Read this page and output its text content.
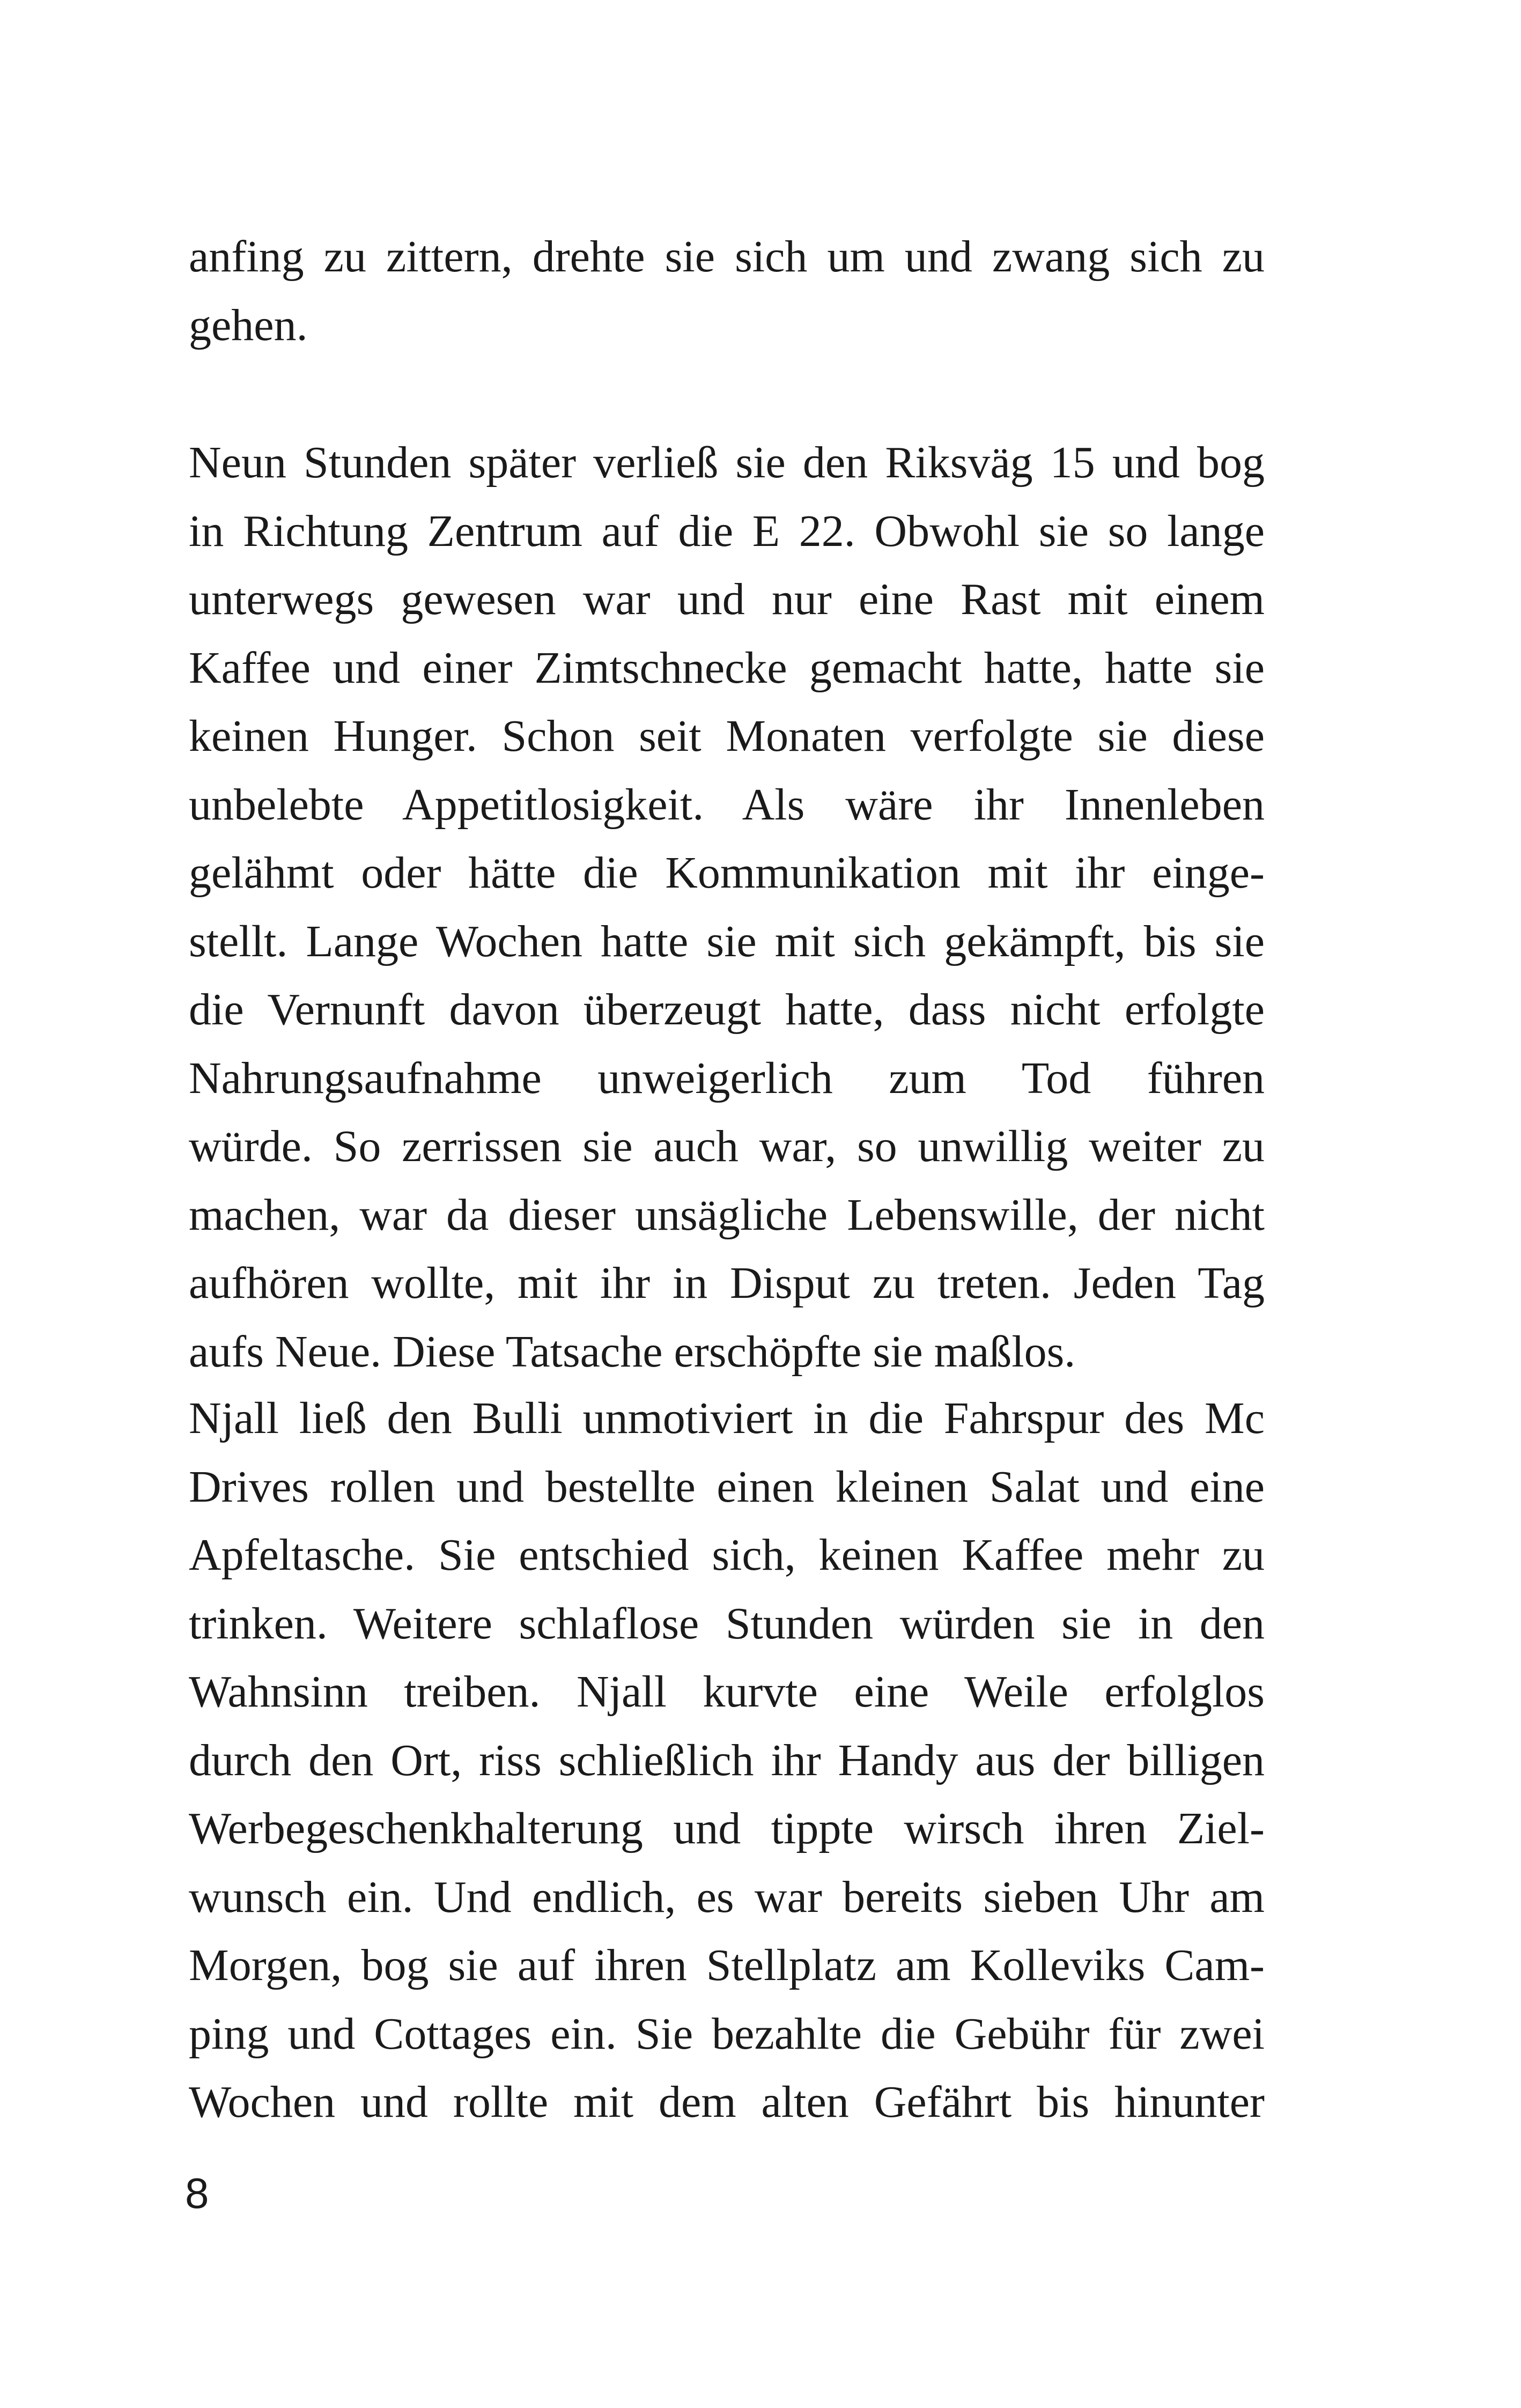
anfing zu zittern, drehte sie sich um und zwang sich zu
gehen.
Neun Stunden später verließ sie den Riksväg 15 und bog
in Richtung Zentrum auf die E 22. Obwohl sie so lange
unterwegs gewesen war und nur eine Rast mit einem
Kaffee und einer Zimtschnecke gemacht hatte, hatte sie
keinen Hunger. Schon seit Monaten verfolgte sie diese
unbelebte Appetitlosigkeit. Als wäre ihr Innenleben
gelähmt oder hätte die Kommunikation mit ihr einge-
stellt. Lange Wochen hatte sie mit sich gekämpft, bis sie
die Vernunft davon überzeugt hatte, dass nicht erfolgte
Nahrungsaufnahme unweigerlich zum Tod führen
würde. So zerrissen sie auch war, so unwillig weiter zu
machen, war da dieser unsägliche Lebenswille, der nicht
aufhören wollte, mit ihr in Disput zu treten. Jeden Tag
aufs Neue. Diese Tatsache erschöpfte sie maßlos.
Njall ließ den Bulli unmotiviert in die Fahrspur des Mc
Drives rollen und bestellte einen kleinen Salat und eine
Apfeltasche. Sie entschied sich, keinen Kaffee mehr zu
trinken. Weitere schlaflose Stunden würden sie in den
Wahnsinn treiben. Njall kurvte eine Weile erfolglos
durch den Ort, riss schließlich ihr Handy aus der billigen
Werbegeschenkhalterung und tippte wirsch ihren Ziel-
wunsch ein. Und endlich, es war bereits sieben Uhr am
Morgen, bog sie auf ihren Stellplatz am Kolleviks Cam-
ping und Cottages ein. Sie bezahlte die Gebühr für zwei
Wochen und rollte mit dem alten Gefährt bis hinunter
8
